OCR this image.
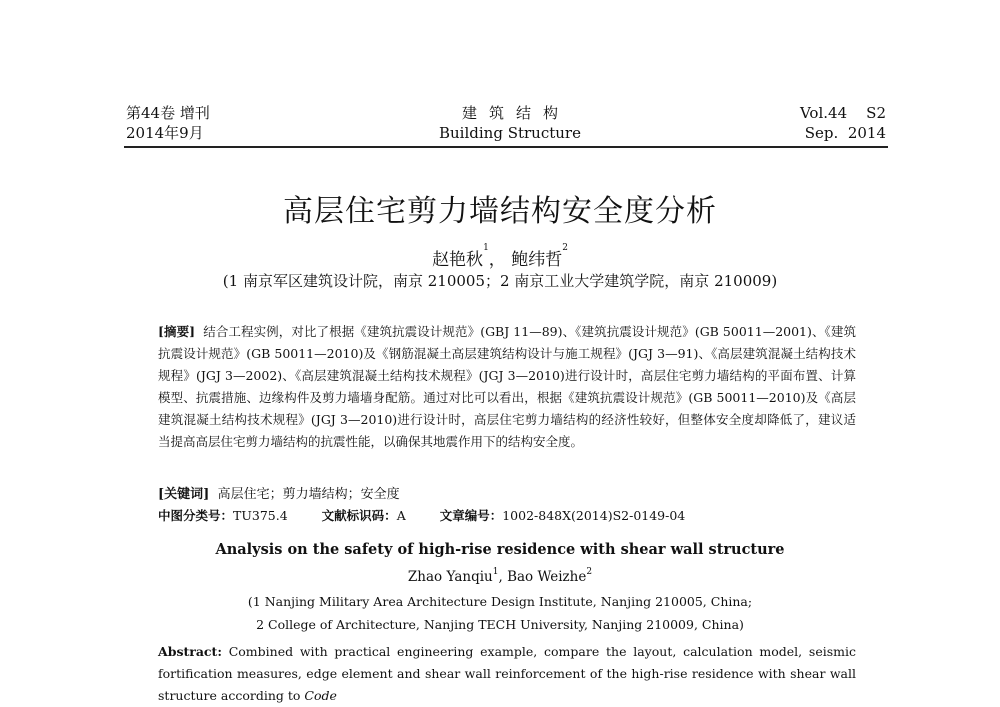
第44卷 增刊
2014年9月
建筑结构
Building Structure
Vol.44    S2
Sep.  2014
高层住宅剪力墙结构安全度分析
赵艳秋$^1$， 鲍纬哲$^2$
(1 南京军区建筑设计院，南京 210005；2 南京工业大学建筑学院，南京 210009)
[摘要] 结合工程实例，对比了根据《建筑抗震设计规范》(GBJ 11—89)、《建筑抗震设计规范》(GB 50011—2001)、《建筑抗震设计规范》(GB 50011—2010)及《钢筋混凝土高层建筑结构设计与施工规程》(JGJ 3—91)、《高层建筑混凝土结构技术规程》(JGJ 3—2002)、《高层建筑混凝土结构技术规程》(JGJ 3—2010)进行设计时，高层住宅剪力墙结构的平面布置、计算模型、抗震措施、边缘构件及剪力墙墙身配筋。通过对比可以看出，根据《建筑抗震设计规范》(GB 50011—2010)及《高层建筑混凝土结构技术规程》(JGJ 3—2010)进行设计时，高层住宅剪力墙结构的经济性较好，但整体安全度却降低了，建议适当提高高层住宅剪力墙结构的抗震性能，以确保其地震作用下的结构安全度。
[关键词] 高层住宅；剪力墙结构；安全度
中图分类号：TU375.4	文献标识码：A	文章编号：1002-848X(2014)S2-0149-04
Analysis on the safety of high-rise residence with shear wall structure
Zhao Yanqiu$^1$, Bao Weizhe$^2$
(1 Nanjing Military Area Architecture Design Institute, Nanjing 210005, China;
2 College of Architecture, Nanjing TECH University, Nanjing 210009, China)
Abstract: Combined with practical engineering example, compare the layout, calculation model, seismic fortification measures, edge element and shear wall reinforcement of the high-rise residence with shear wall structure according to Code
